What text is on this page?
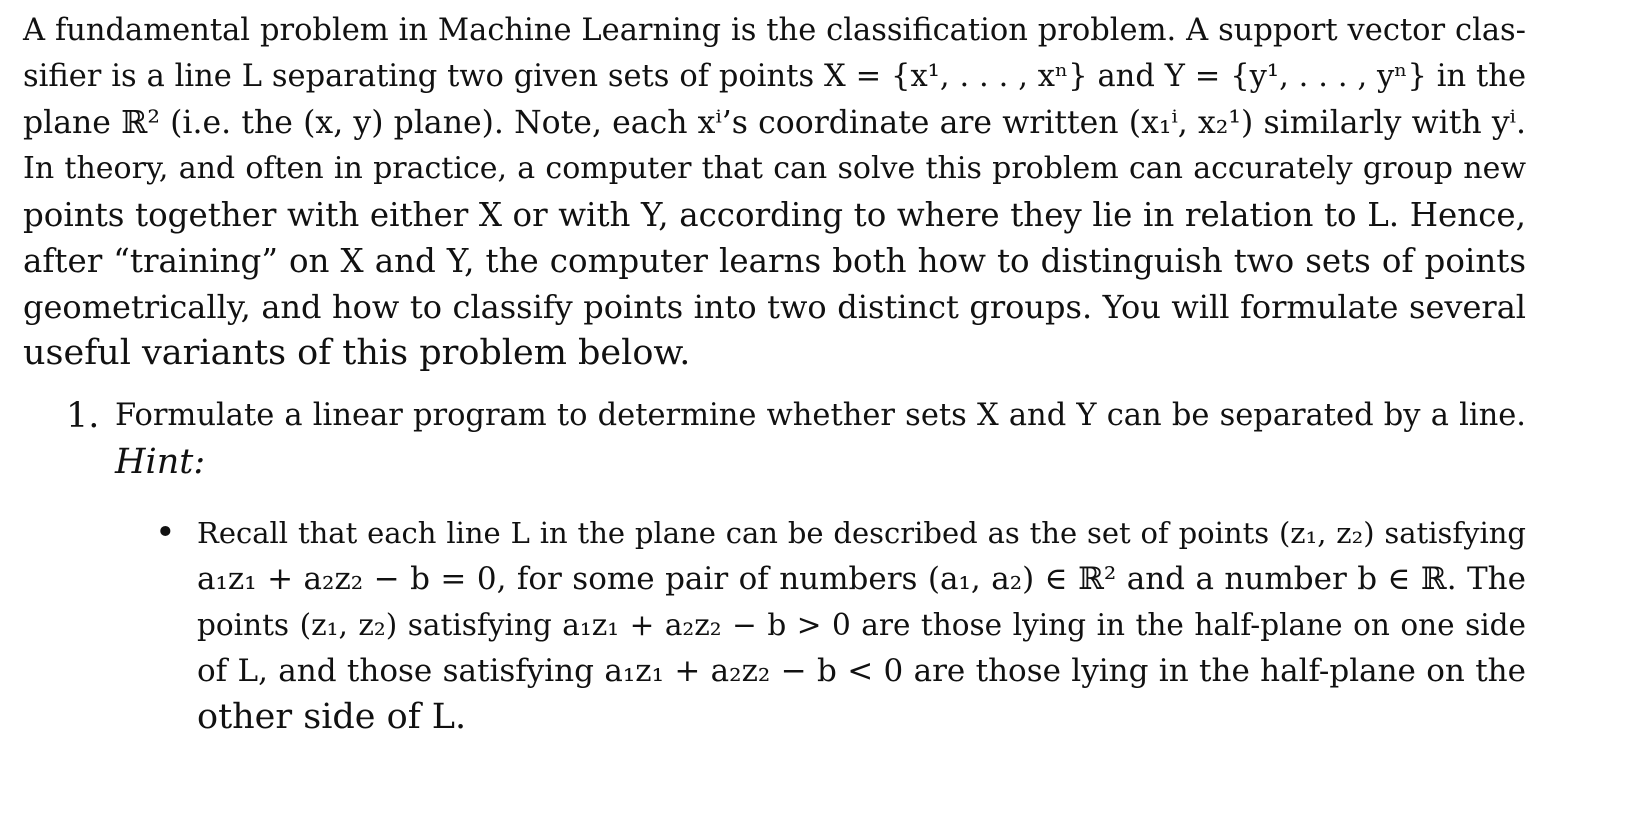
A fundamental problem in Machine Learning is the classification problem. A support vector clas-
sifier is a line L separating two given sets of points X = {x¹, . . . , xⁿ} and Y = {y¹, . . . , yⁿ} in the
plane ℝ² (i.e. the (x, y) plane). Note, each xⁱ’s coordinate are written (x₁ⁱ, x₂¹) similarly with yⁱ.
In theory, and often in practice, a computer that can solve this problem can accurately group new
points together with either X or with Y, according to where they lie in relation to L. Hence,
after “training” on X and Y, the computer learns both how to distinguish two sets of points
geometrically, and how to classify points into two distinct groups. You will formulate several
useful variants of this problem below.
1. Formulate a linear program to determine whether sets X and Y can be separated by a line.
Hint:
• Recall that each line L in the plane can be described as the set of points (z₁, z₂) satisfying
a₁z₁ + a₂z₂ − b = 0, for some pair of numbers (a₁, a₂) ∈ ℝ² and a number b ∈ ℝ. The
points (z₁, z₂) satisfying a₁z₁ + a₂z₂ − b > 0 are those lying in the half-plane on one side
of L, and those satisfying a₁z₁ + a₂z₂ − b < 0 are those lying in the half-plane on the
other side of L.
